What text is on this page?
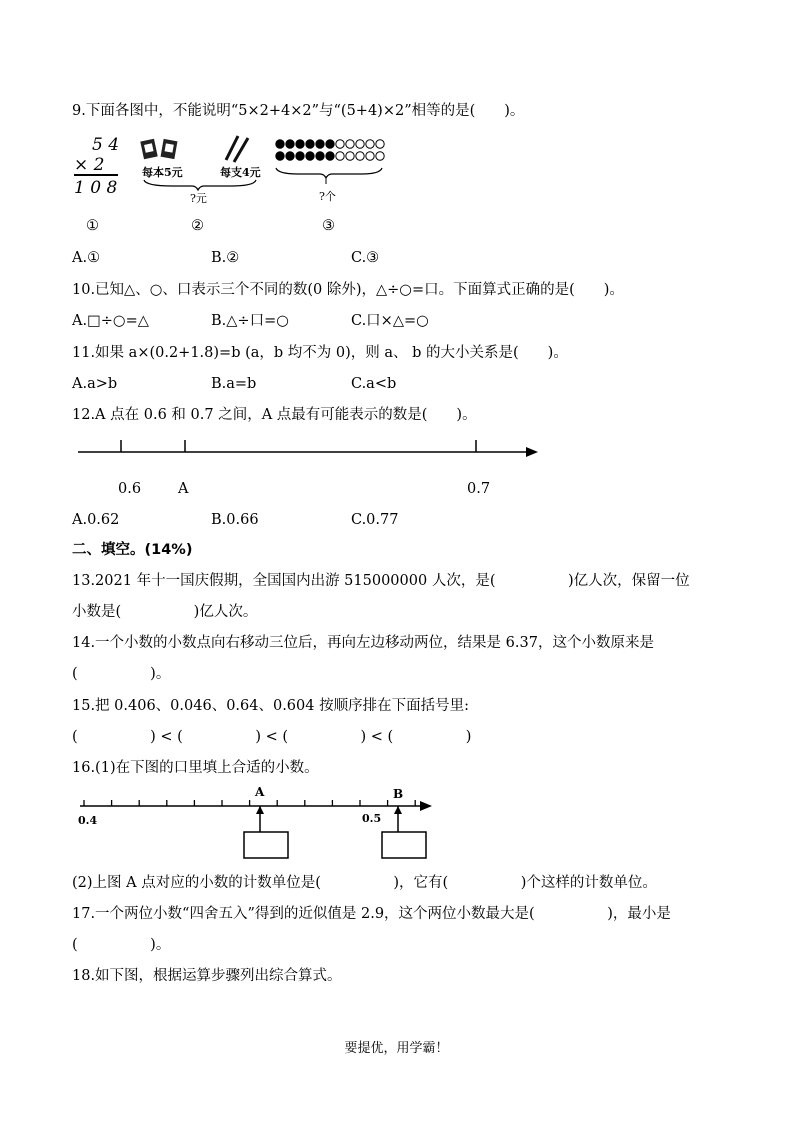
9.下面各图中，不能说明“5×2+4×2”与“(5+4)×2”相等的是(　　)。
5 4
× 2
1 0 8
每本5元	每支4元
?元	?个
①	②	③
A.①	B.②	C.③
10.已知△、○、口表示三个不同的数(0 除外)，△÷○=口。下面算式正确的是(　　)。
A.□÷○=△	B.△÷口=○	C.口×△=○
11.如果 a×(0.2+1.8)=b (a，b 均不为 0)，则 a、 b 的大小关系是(　　)。
A.a>b	B.a=b	C.a<b
12.A 点在 0.6 和 0.7 之间，A 点最有可能表示的数是(　　)。
0.6	A	0.7
A.0.62	B.0.66	C.0.77
二、填空。(14%)
13.2021 年十一国庆假期，全国国内出游 515000000 人次，是(　　　　　)亿人次，保留一位
小数是(　　　　　)亿人次。
14.一个小数的小数点向右移动三位后，再向左边移动两位，结果是 6.37，这个小数原来是
(　　　　　)。
15.把 0.406、0.046、0.64、0.604 按顺序排在下面括号里:
(　　　　　) < (　　　　　) < (　　　　　) < (　　　　　)
16.(1)在下图的口里填上合适的小数。
0.4	0.5
A	B
(2)上图 A 点对应的小数的计数单位是(　　　　　)，它有(　　　　　)个这样的计数单位。
17.一个两位小数“四舍五入”得到的近似值是 2.9，这个两位小数最大是(　　　　　)，最小是
(　　　　　)。
18.如下图，根据运算步骤列出综合算式。
要提优，用学霸！
